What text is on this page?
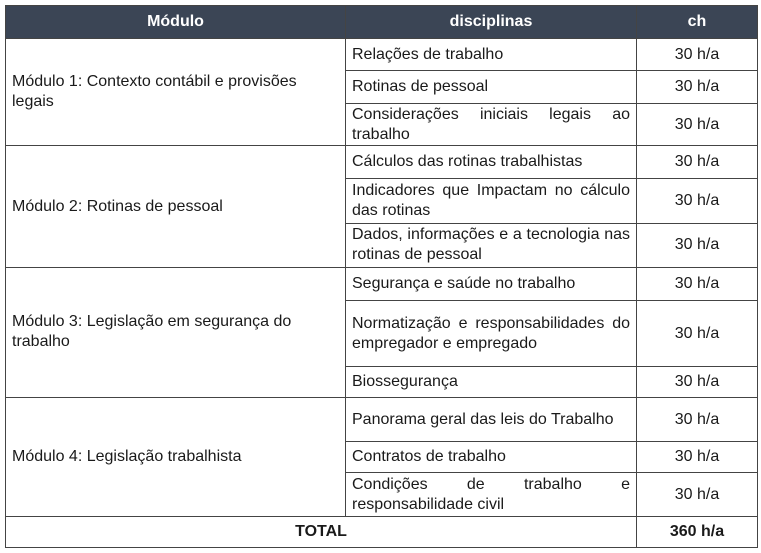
Módulo	disciplinas	ch
Módulo 1: Contexto contábil e provisões legais	Relações de trabalho	30 h/a
	Rotinas de pessoal	30 h/a
	Considerações iniciais legais ao trabalho	30 h/a
Módulo 2: Rotinas de pessoal	Cálculos das rotinas trabalhistas	30 h/a
	Indicadores que Impactam no cálculo das rotinas	30 h/a
	Dados, informações e a tecnologia nas rotinas de pessoal	30 h/a
Módulo 3: Legislação em segurança do trabalho	Segurança e saúde no trabalho	30 h/a
	Normatização e responsabilidades do empregador e empregado	30 h/a
	Biossegurança	30 h/a
Módulo 4: Legislação trabalhista	Panorama geral das leis do Trabalho	30 h/a
	Contratos de trabalho	30 h/a
	Condições de trabalho e responsabilidade civil	30 h/a
TOTAL		360 h/a
